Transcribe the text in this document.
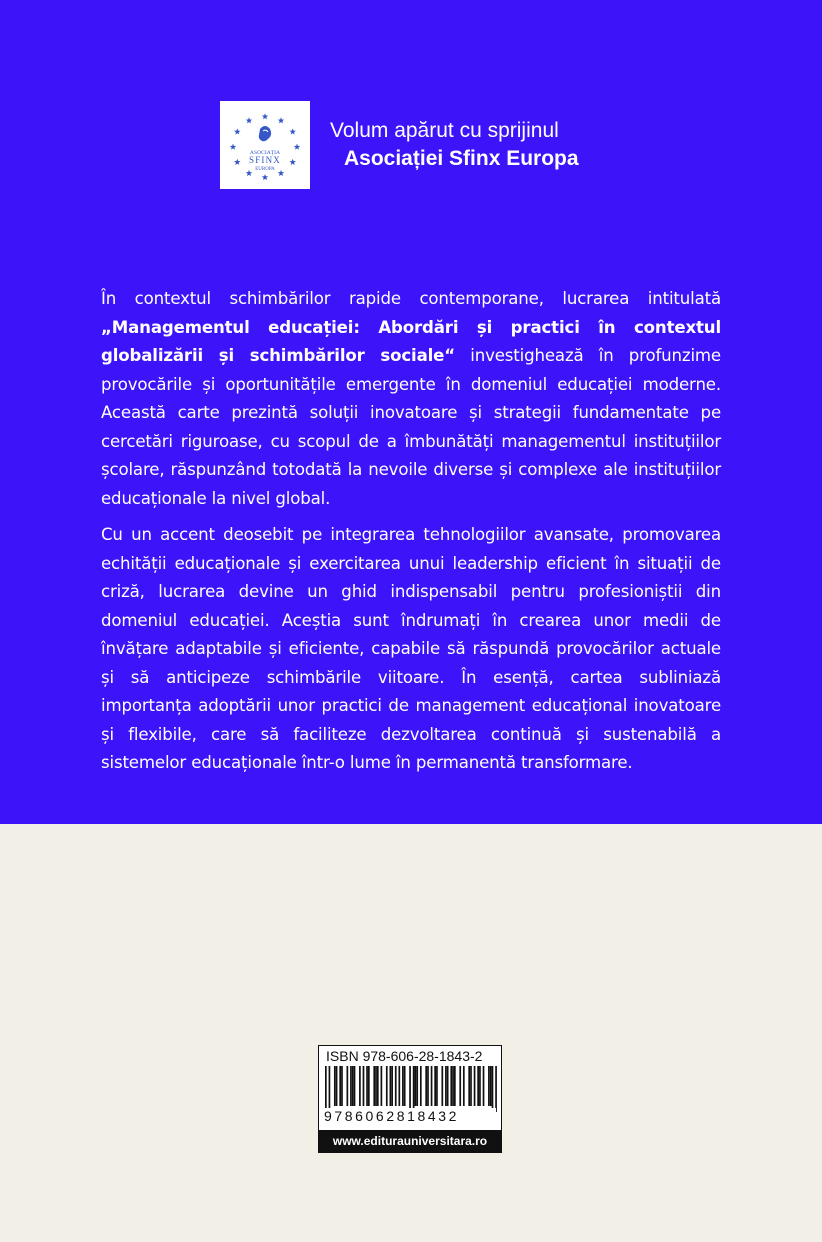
ASOCIAȚIA
SFINX
EUROPA
Volum apărut cu sprijinul
Asociației Sfinx Europa

În contextul schimbărilor rapide contemporane, lucrarea intitulată „Managementul educației: Abordări și practici în contextul globalizării și schimbărilor sociale“ investighează în profunzime provocările și oportunitățile emergente în domeniul educației moderne. Această carte prezintă soluții inovatoare și strategii fundamentate pe cercetări riguroase, cu scopul de a îmbunătăți managementul instituțiilor școlare, răspunzând totodată la nevoile diverse și complexe ale instituțiilor educaționale la nivel global.

Cu un accent deosebit pe integrarea tehnologiilor avansate, promovarea echității educaționale și exercitarea unui leadership eficient în situații de criză, lucrarea devine un ghid indispensabil pentru profesioniștii din domeniul educației. Aceștia sunt îndrumați în crearea unor medii de învățare adaptabile și eficiente, capabile să răspundă provocărilor actuale și să anticipeze schimbările viitoare. În esență, cartea subliniază importanța adoptării unor practici de management educațional inovatoare și flexibile, care să faciliteze dezvoltarea continuă și sustenabilă a sistemelor educaționale într-o lume în permanentă transformare.

ISBN 978-606-28-1843-2
9786062818432
www.editurauniversitara.ro
